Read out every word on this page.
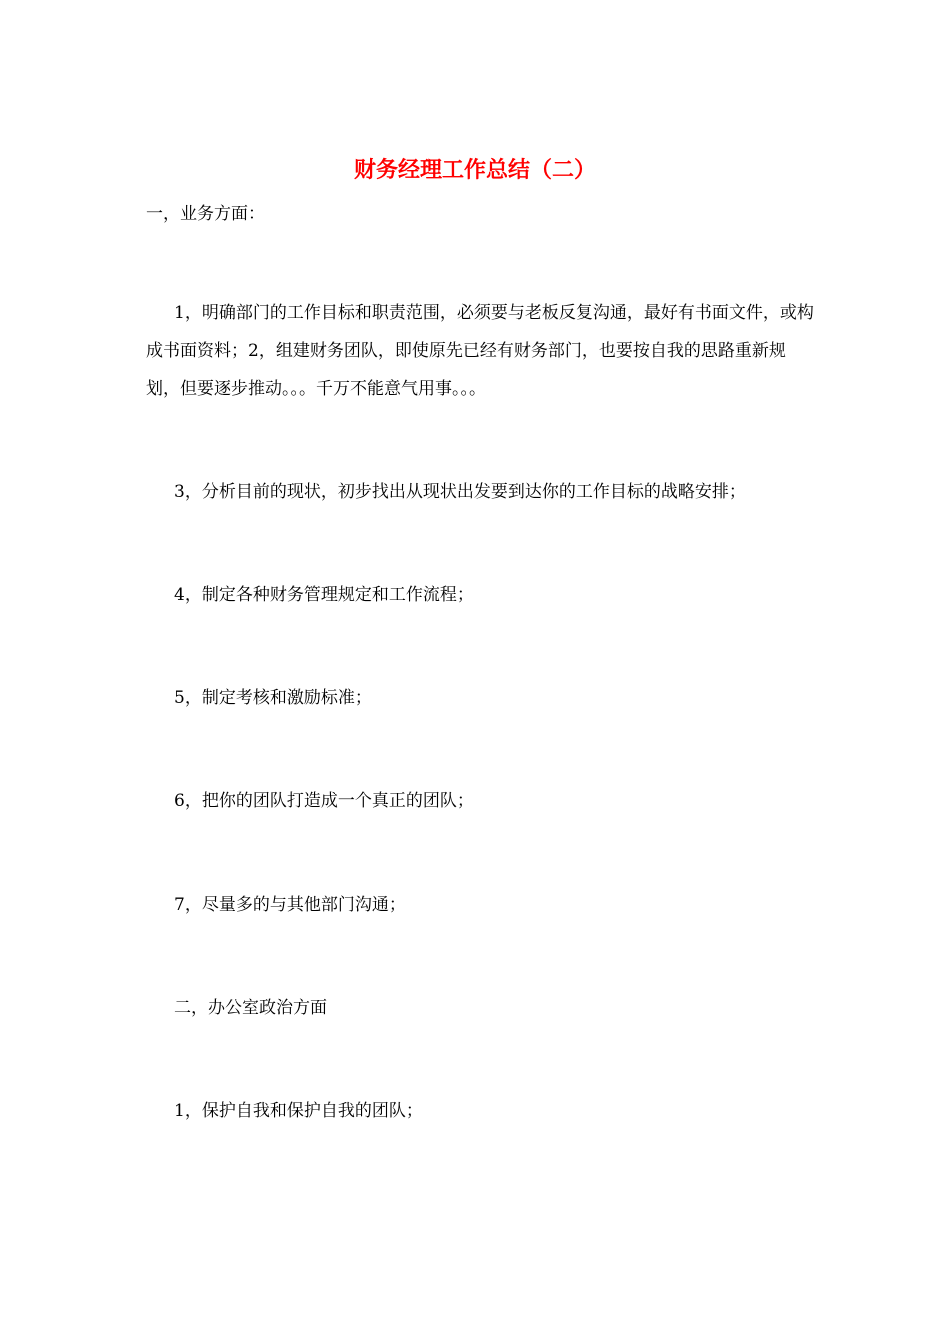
财务经理工作总结（二）

一，业务方面：

1，明确部门的工作目标和职责范围，必须要与老板反复沟通，最好有书面文件，或构成书面资料；2，组建财务团队，即使原先已经有财务部门，也要按自我的思路重新规划，但要逐步推动。。。千万不能意气用事。。。

3，分析目前的现状，初步找出从现状出发要到达你的工作目标的战略安排；

4，制定各种财务管理规定和工作流程；

5，制定考核和激励标准；

6，把你的团队打造成一个真正的团队；

7，尽量多的与其他部门沟通；

二，办公室政治方面

1，保护自我和保护自我的团队；
